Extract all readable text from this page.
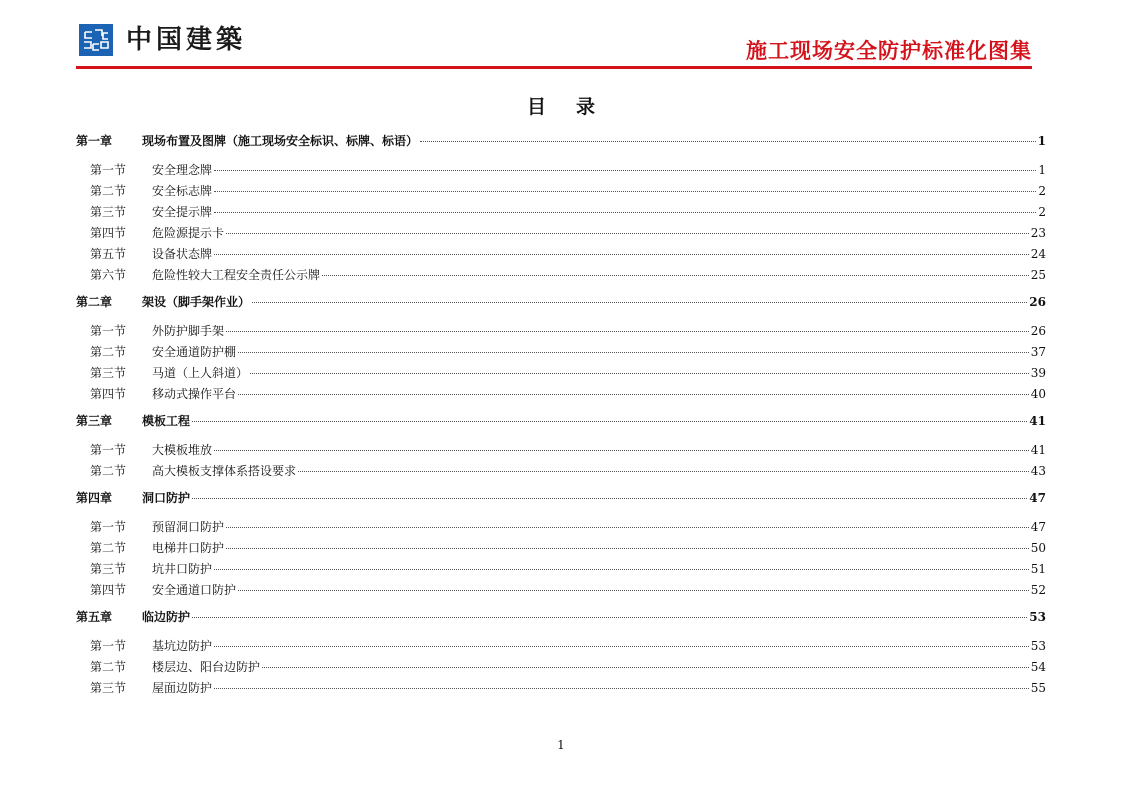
中国建築	施工现场安全防护标准化图集
目录
第一章	现场布置及图牌（施工现场安全标识、标牌、标语）	1
第一节	安全理念牌	1
第二节	安全标志牌	2
第三节	安全提示牌	2
第四节	危险源提示卡	23
第五节	设备状态牌	24
第六节	危险性较大工程安全责任公示牌	25
第二章	架设（脚手架作业）	26
第一节	外防护脚手架	26
第二节	安全通道防护棚	37
第三节	马道（上人斜道）	39
第四节	移动式操作平台	40
第三章	模板工程	41
第一节	大模板堆放	41
第二节	高大模板支撑体系搭设要求	43
第四章	洞口防护	47
第一节	预留洞口防护	47
第二节	电梯井口防护	50
第三节	坑井口防护	51
第四节	安全通道口防护	52
第五章	临边防护	53
第一节	基坑边防护	53
第二节	楼层边、阳台边防护	54
第三节	屋面边防护	55
1
